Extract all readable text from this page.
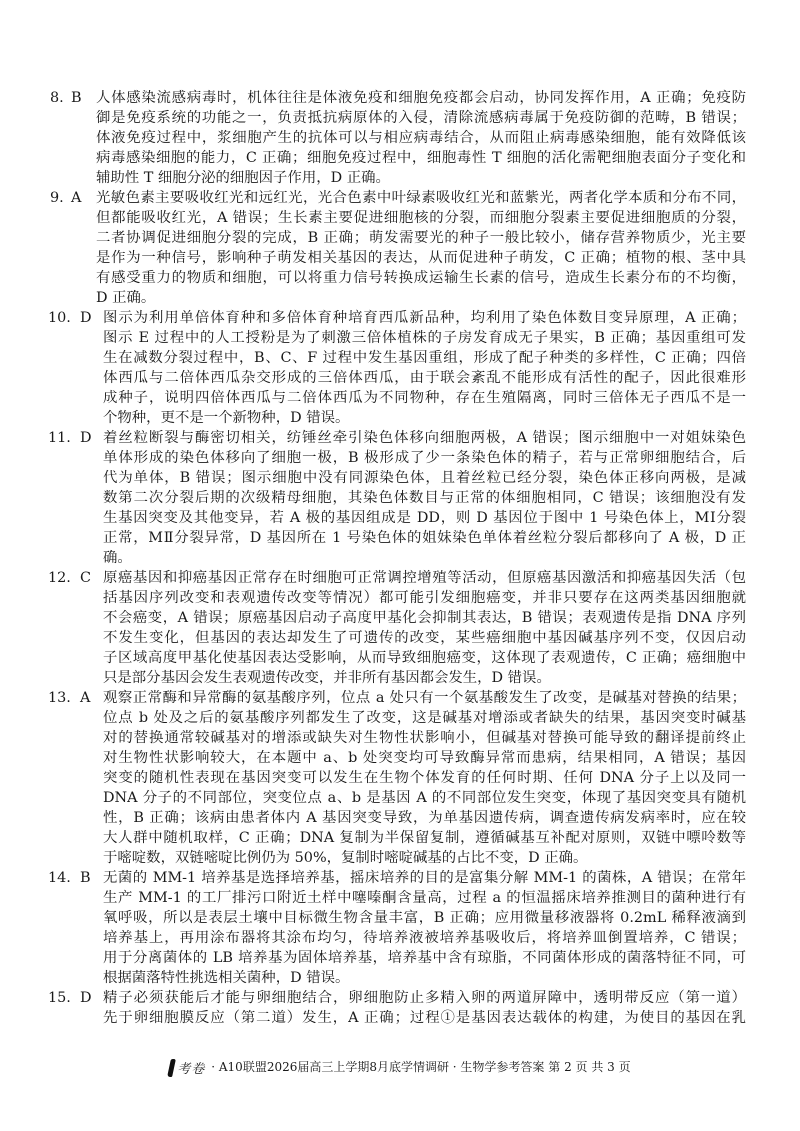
8. B 人体感染流感病毒时，机体往往是体液免疫和细胞免疫都会启动，协同发挥作用，A 正确；免疫防
御是免疫系统的功能之一，负责抵抗病原体的入侵，清除流感病毒属于免疫防御的范畴，B 错误；
体液免疫过程中，浆细胞产生的抗体可以与相应病毒结合，从而阻止病毒感染细胞，能有效降低该
病毒感染细胞的能力，C 正确；细胞免疫过程中，细胞毒性 T 细胞的活化需靶细胞表面分子变化和
辅助性 T 细胞分泌的细胞因子作用，D 正确。
9. A 光敏色素主要吸收红光和远红光，光合色素中叶绿素吸收红光和蓝紫光，两者化学本质和分布不同，
但都能吸收红光，A 错误；生长素主要促进细胞核的分裂，而细胞分裂素主要促进细胞质的分裂，
二者协调促进细胞分裂的完成，B 正确；萌发需要光的种子一般比较小，储存营养物质少，光主要
是作为一种信号，影响种子萌发相关基因的表达，从而促进种子萌发，C 正确；植物的根、茎中具
有感受重力的物质和细胞，可以将重力信号转换成运输生长素的信号，造成生长素分布的不均衡，
D 正确。
10. D 图示为利用单倍体育种和多倍体育种培育西瓜新品种，均利用了染色体数目变异原理，A 正确；
图示 E 过程中的人工授粉是为了刺激三倍体植株的子房发育成无子果实，B 正确；基因重组可发
生在减数分裂过程中，B、C、F 过程中发生基因重组，形成了配子种类的多样性，C 正确；四倍
体西瓜与二倍体西瓜杂交形成的三倍体西瓜，由于联会紊乱不能形成有活性的配子，因此很难形
成种子，说明四倍体西瓜与二倍体西瓜为不同物种，存在生殖隔离，同时三倍体无子西瓜不是一
个物种，更不是一个新物种，D 错误。
11. D 着丝粒断裂与酶密切相关，纺锤丝牵引染色体移向细胞两极，A 错误；图示细胞中一对姐妹染色
单体形成的染色体移向了细胞一极，B 极形成了少一条染色体的精子，若与正常卵细胞结合，后
代为单体，B 错误；图示细胞中没有同源染色体，且着丝粒已经分裂，染色体正移向两极，是减
数第二次分裂后期的次级精母细胞，其染色体数目与正常的体细胞相同，C 错误；该细胞没有发
生基因突变及其他变异，若 A 极的基因组成是 DD，则 D 基因位于图中 1 号染色体上，MⅠ分裂
正常，MⅡ分裂异常，D 基因所在 1 号染色体的姐妹染色单体着丝粒分裂后都移向了 A 极，D 正
确。
12. C 原癌基因和抑癌基因正常存在时细胞可正常调控增殖等活动，但原癌基因激活和抑癌基因失活（包
括基因序列改变和表观遗传改变等情况）都可能引发细胞癌变，并非只要存在这两类基因细胞就
不会癌变，A 错误；原癌基因启动子高度甲基化会抑制其表达，B 错误；表观遗传是指 DNA 序列
不发生变化，但基因的表达却发生了可遗传的改变，某些癌细胞中基因碱基序列不变，仅因启动
子区域高度甲基化使基因表达受影响，从而导致细胞癌变，这体现了表观遗传，C 正确；癌细胞中
只是部分基因会发生表观遗传改变，并非所有基因都会发生，D 错误。
13. A 观察正常酶和异常酶的氨基酸序列，位点 a 处只有一个氨基酸发生了改变，是碱基对替换的结果；
位点 b 处及之后的氨基酸序列都发生了改变，这是碱基对增添或者缺失的结果，基因突变时碱基
对的替换通常较碱基对的增添或缺失对生物性状影响小，但碱基对替换可能导致的翻译提前终止
对生物性状影响较大，在本题中 a、b 处突变均可导致酶异常而患病，结果相同，A 错误；基因
突变的随机性表现在基因突变可以发生在生物个体发育的任何时期、任何 DNA 分子上以及同一
DNA 分子的不同部位，突变位点 a、b 是基因 A 的不同部位发生突变，体现了基因突变具有随机
性，B 正确；该病由患者体内 A 基因突变导致，为单基因遗传病，调查遗传病发病率时，应在较
大人群中随机取样，C 正确；DNA 复制为半保留复制，遵循碱基互补配对原则，双链中嘌呤数等
于嘧啶数，双链嘧啶比例仍为 50%，复制时嘧啶碱基的占比不变，D 正确。
14. B 无菌的 MM-1 培养基是选择培养基，摇床培养的目的是富集分解 MM-1 的菌株，A 错误；在常年
生产 MM-1 的工厂排污口附近土样中噻嗪酮含量高，过程 a 的恒温摇床培养推测目的菌种进行有
氧呼吸，所以是表层土壤中目标微生物含量丰富，B 正确；应用微量移液器将 0.2mL 稀释液滴到
培养基上，再用涂布器将其涂布均匀，待培养液被培养基吸收后，将培养皿倒置培养，C 错误；
用于分离菌体的 LB 培养基为固体培养基，培养基中含有琼脂，不同菌体形成的菌落特征不同，可
根据菌落特性挑选相关菌种，D 错误。
15. D 精子必须获能后才能与卵细胞结合，卵细胞防止多精入卵的两道屏障中，透明带反应（第一道）
先于卵细胞膜反应（第二道）发生，A 正确；过程①是基因表达载体的构建，为使目的基因在乳
考卷 · A10联盟2026届高三上学期8月底学情调研 · 生物学参考答案 第 2 页 共 3 页
